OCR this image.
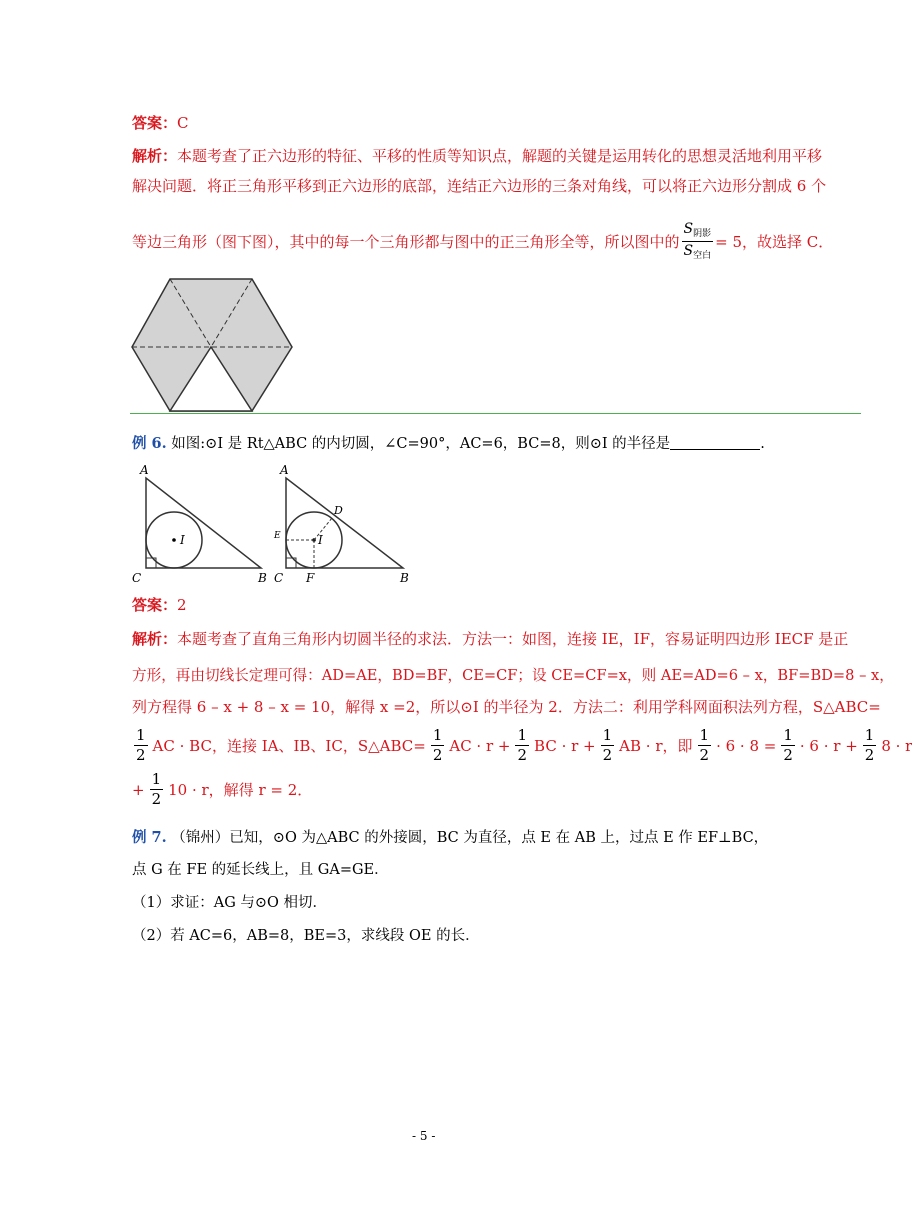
答案：C
解析：本题考查了正六边形的特征、平移的性质等知识点，解题的关键是运用转化的思想灵活地利用平移
解决问题．将正三角形平移到正六边形的底部，连结正六边形的三条对角线，可以将正六边形分割成 6 个
等边三角形（图下图），其中的每一个三角形都与图中的正三角形全等，所以图中的 $\frac{S_{阴影}}{S_{空白}} = 5$，故选择 C．
例 6. 如图:⊙I 是 Rt△ABC 的内切圆，∠C=90°，AC=6，BC=8，则⊙I 的半径是	.
A
C	B
I
A
C	B
F
I
D
E
答案：2
解析：本题考查了直角三角形内切圆半径的求法．方法一：如图，连接 IE，IF，容易证明四边形 IECF 是正
方形，再由切线长定理可得：AD=AE，BD=BF，CE=CF；设 CE=CF=x，则 AE=AD=6 – x，BF=BD=8 – x，
列方程得 6 – x + 8 – x = 10，解得 x =2，所以⊙I 的半径为 2．方法二：利用学科网面积法列方程，S△ABC=
$\frac{1}{2}$ AC · BC，连接 IA、IB、IC，S△ABC= $\frac{1}{2}$ AC · $r + \frac{1}{2}$ BC · $r + \frac{1}{2}$ AB · r，即 $\frac{1}{2} \cdot 6 \cdot 8 = \frac{1}{2} \cdot 6 \cdot r + \frac{1}{2} 8 \cdot r$
+ $\frac{1}{2} 10 \cdot r$，解得 r = 2．
例 7. （锦州）已知，⊙O 为△ABC 的外接圆，BC 为直径，点 E 在 AB 上，过点 E 作 EF⊥BC，
点 G 在 FE 的延长线上，且 GA=GE．
（1）求证：AG 与⊙O 相切．
（2）若 AC=6，AB=8，BE=3，求线段 OE 的长．
- 5 -
